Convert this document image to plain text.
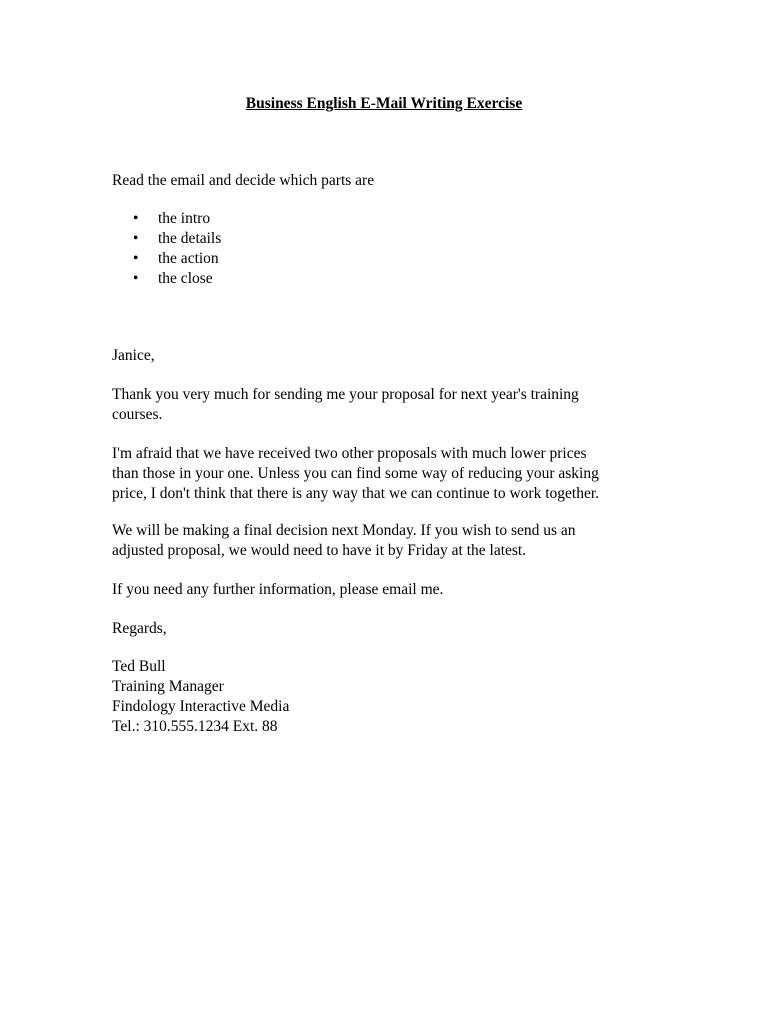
Business English E-Mail Writing Exercise
Read the email and decide which parts are
• the intro
• the details
• the action
• the close
Janice,
Thank you very much for sending me your proposal for next year's training
courses.
I'm afraid that we have received two other proposals with much lower prices
than those in your one. Unless you can find some way of reducing your asking
price, I don't think that there is any way that we can continue to work together.
We will be making a final decision next Monday. If you wish to send us an
adjusted proposal, we would need to have it by Friday at the latest.
If you need any further information, please email me.
Regards,
Ted Bull
Training Manager
Findology Interactive Media
Tel.: 310.555.1234 Ext. 88
